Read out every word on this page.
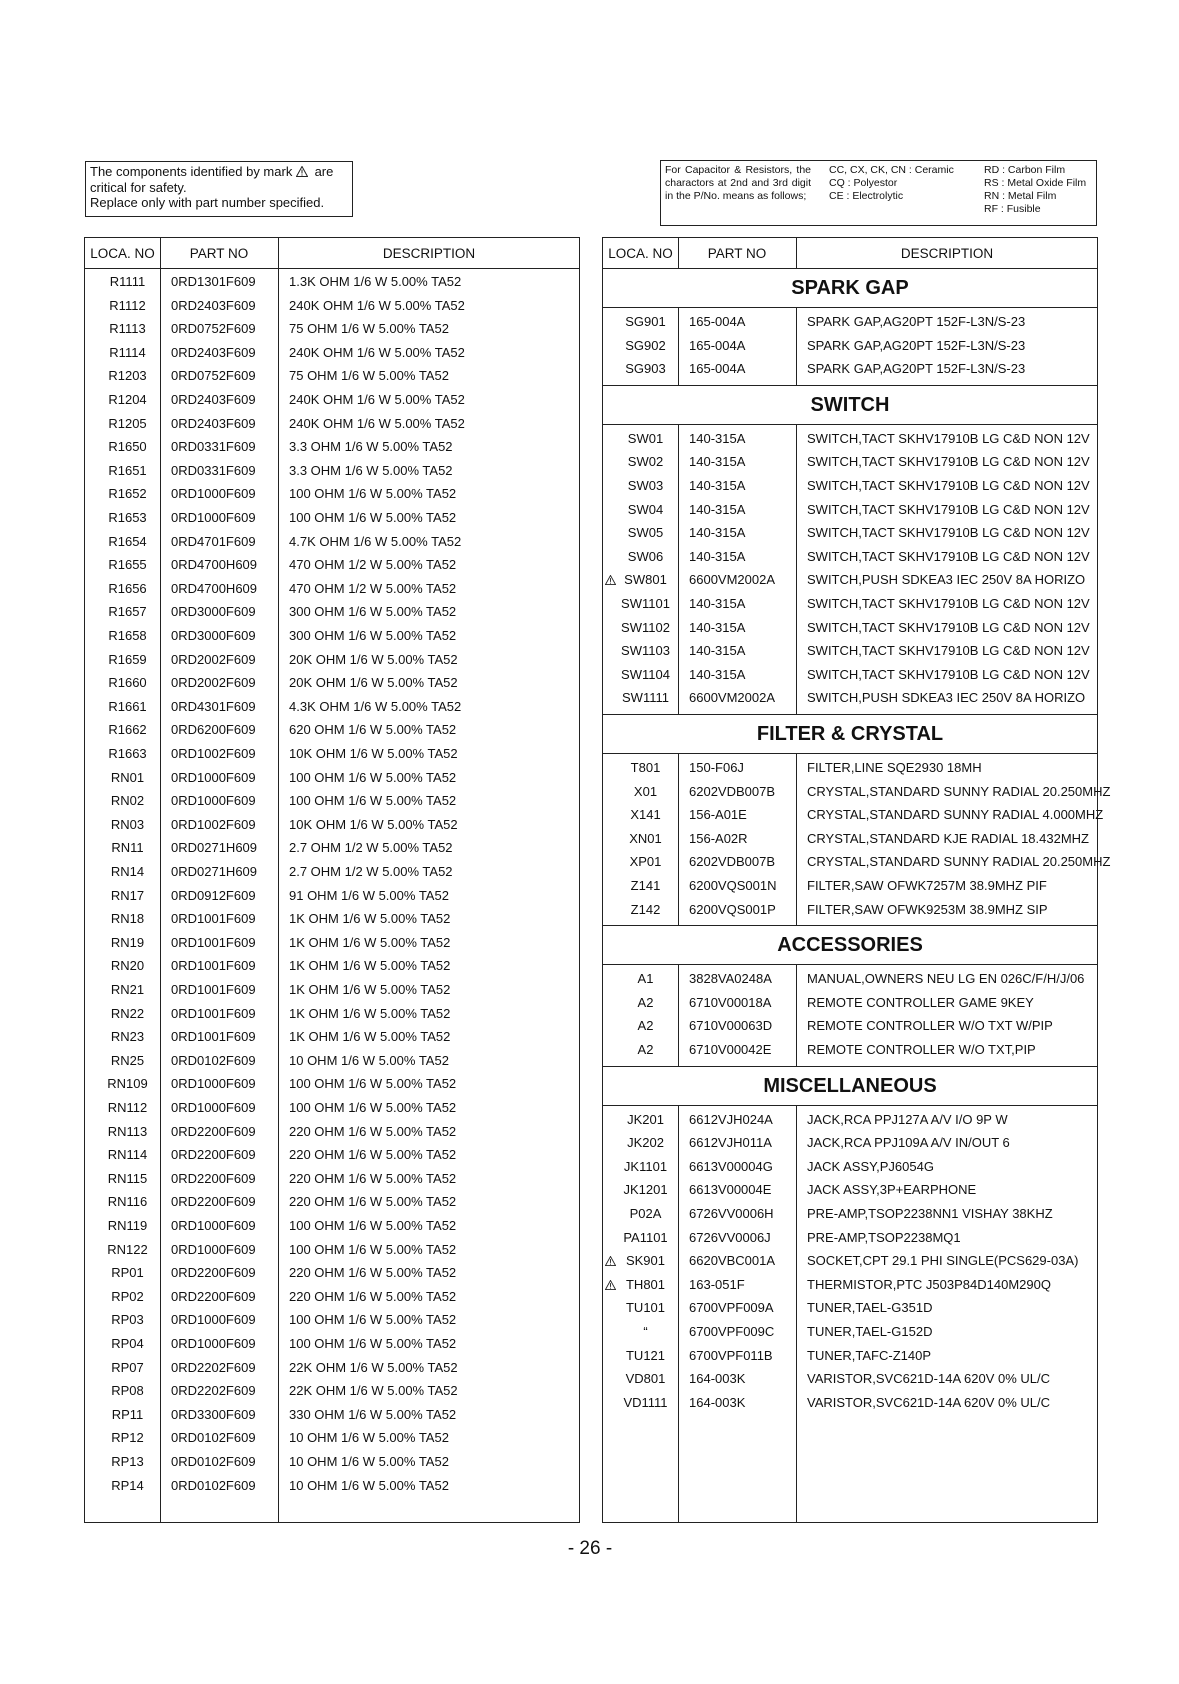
The components identified by mark are
critical for safety.
Replace only with part number specified.
For Capacitor & Resistors, the charactors at 2nd and 3rd digit in the P/No. means as follows;
CC, CX, CK, CN : Ceramic
CQ : Polyestor
CE : Electrolytic
RD : Carbon Film
RS : Metal Oxide Film
RN : Metal Film
RF : Fusible
LOCA. NO	PART NO	DESCRIPTION
R1111	0RD1301F609	1.3K OHM 1/6 W 5.00% TA52
R1112	0RD2403F609	240K OHM 1/6 W 5.00% TA52
R1113	0RD0752F609	75 OHM 1/6 W 5.00% TA52
R1114	0RD2403F609	240K OHM 1/6 W 5.00% TA52
R1203	0RD0752F609	75 OHM 1/6 W 5.00% TA52
R1204	0RD2403F609	240K OHM 1/6 W 5.00% TA52
R1205	0RD2403F609	240K OHM 1/6 W 5.00% TA52
R1650	0RD0331F609	3.3 OHM 1/6 W 5.00% TA52
R1651	0RD0331F609	3.3 OHM 1/6 W 5.00% TA52
R1652	0RD1000F609	100 OHM 1/6 W 5.00% TA52
R1653	0RD1000F609	100 OHM 1/6 W 5.00% TA52
R1654	0RD4701F609	4.7K OHM 1/6 W 5.00% TA52
R1655	0RD4700H609 470 OHM 1/2 W 5.00% TA52
R1656	0RD4700H609 470 OHM 1/2 W 5.00% TA52
R1657	0RD3000F609	300 OHM 1/6 W 5.00% TA52
R1658	0RD3000F609	300 OHM 1/6 W 5.00% TA52
R1659	0RD2002F609	20K OHM 1/6 W 5.00% TA52
R1660	0RD2002F609	20K OHM 1/6 W 5.00% TA52
R1661	0RD4301F609	4.3K OHM 1/6 W 5.00% TA52
R1662	0RD6200F609	620 OHM 1/6 W 5.00% TA52
R1663	0RD1002F609	10K OHM 1/6 W 5.00% TA52
RN01	0RD1000F609	100 OHM 1/6 W 5.00% TA52
RN02	0RD1000F609	100 OHM 1/6 W 5.00% TA52
RN03	0RD1002F609	10K OHM 1/6 W 5.00% TA52
RN11	0RD0271H609 2.7 OHM 1/2 W 5.00% TA52
RN14	0RD0271H609 2.7 OHM 1/2 W 5.00% TA52
RN17	0RD0912F609	91 OHM 1/6 W 5.00% TA52
RN18	0RD1001F609	1K OHM 1/6 W 5.00% TA52
RN19	0RD1001F609	1K OHM 1/6 W 5.00% TA52
RN20	0RD1001F609	1K OHM 1/6 W 5.00% TA52
RN21	0RD1001F609	1K OHM 1/6 W 5.00% TA52
RN22	0RD1001F609	1K OHM 1/6 W 5.00% TA52
RN23	0RD1001F609	1K OHM 1/6 W 5.00% TA52
RN25	0RD0102F609	10 OHM 1/6 W 5.00% TA52
RN109	0RD1000F609	100 OHM 1/6 W 5.00% TA52
RN112	0RD1000F609	100 OHM 1/6 W 5.00% TA52
RN113	0RD2200F609	220 OHM 1/6 W 5.00% TA52
RN114	0RD2200F609	220 OHM 1/6 W 5.00% TA52
RN115	0RD2200F609	220 OHM 1/6 W 5.00% TA52
RN116	0RD2200F609	220 OHM 1/6 W 5.00% TA52
RN119	0RD1000F609	100 OHM 1/6 W 5.00% TA52
RN122	0RD1000F609	100 OHM 1/6 W 5.00% TA52
RP01	0RD2200F609	220 OHM 1/6 W 5.00% TA52
RP02	0RD2200F609	220 OHM 1/6 W 5.00% TA52
RP03	0RD1000F609	100 OHM 1/6 W 5.00% TA52
RP04	0RD1000F609	100 OHM 1/6 W 5.00% TA52
RP07	0RD2202F609	22K OHM 1/6 W 5.00% TA52
RP08	0RD2202F609	22K OHM 1/6 W 5.00% TA52
RP11	0RD3300F609	330 OHM 1/6 W 5.00% TA52
RP12	0RD0102F609	10 OHM 1/6 W 5.00% TA52
RP13	0RD0102F609	10 OHM 1/6 W 5.00% TA52
RP14	0RD0102F609	10 OHM 1/6 W 5.00% TA52
LOCA. NO	PART NO	DESCRIPTION
SPARK GAP
SG901	165-004A	SPARK GAP,AG20PT 152F-L3N/S-23
SG902	165-004A	SPARK GAP,AG20PT 152F-L3N/S-23
SG903	165-004A	SPARK GAP,AG20PT 152F-L3N/S-23
SWITCH
SW01	140-315A	SWITCH,TACT SKHV17910B LG C&D NON 12V
SW02	140-315A	SWITCH,TACT SKHV17910B LG C&D NON 12V
SW03	140-315A	SWITCH,TACT SKHV17910B LG C&D NON 12V
SW04	140-315A	SWITCH,TACT SKHV17910B LG C&D NON 12V
SW05	140-315A	SWITCH,TACT SKHV17910B LG C&D NON 12V
SW06	140-315A	SWITCH,TACT SKHV17910B LG C&D NON 12V
SW801	6600VM2002A SWITCH,PUSH SDKEA3 IEC 250V 8A HORIZO
SW1101	140-315A	SWITCH,TACT SKHV17910B LG C&D NON 12V
SW1102	140-315A	SWITCH,TACT SKHV17910B LG C&D NON 12V
SW1103	140-315A	SWITCH,TACT SKHV17910B LG C&D NON 12V
SW1104	140-315A	SWITCH,TACT SKHV17910B LG C&D NON 12V
SW1111	6600VM2002A SWITCH,PUSH SDKEA3 IEC 250V 8A HORIZO
FILTER & CRYSTAL
T801	150-F06J	FILTER,LINE SQE2930 18MH
X01	6202VDB007B CRYSTAL,STANDARD SUNNY RADIAL 20.250MHZ
X141	156-A01E	CRYSTAL,STANDARD SUNNY RADIAL 4.000MHZ
XN01	156-A02R	CRYSTAL,STANDARD KJE RADIAL 18.432MHZ
XP01	6202VDB007B CRYSTAL,STANDARD SUNNY RADIAL 20.250MHZ
Z141	6200VQS001N FILTER,SAW OFWK7257M 38.9MHZ PIF
Z142	6200VQS001P FILTER,SAW OFWK9253M 38.9MHZ SIP
ACCESSORIES
A1	3828VA0248A	MANUAL,OWNERS NEU LG EN 026C/F/H/J/06
A2	6710V00018A	REMOTE CONTROLLER GAME 9KEY
A2	6710V00063D	REMOTE CONTROLLER W/O TXT W/PIP
A2	6710V00042E	REMOTE CONTROLLER W/O TXT,PIP
MISCELLANEOUS
JK201	6612VJH024A	JACK,RCA PPJ127A A/V I/O 9P W
JK202	6612VJH011A	JACK,RCA PPJ109A A/V IN/OUT 6
JK1101	6613V00004G	JACK ASSY,PJ6054G
JK1201	6613V00004E	JACK ASSY,3P+EARPHONE
P02A	6726VV0006H	PRE-AMP,TSOP2238NN1 VISHAY 38KHZ
PA1101	6726VV0006J	PRE-AMP,TSOP2238MQ1
SK901	6620VBC001A SOCKET,CPT 29.1 PHI SINGLE(PCS629-03A)
TH801	163-051F	THERMISTOR,PTC J503P84D140M290Q
TU101	6700VPF009A	TUNER,TAEL-G351D
“	6700VPF009C	TUNER,TAEL-G152D
TU121	6700VPF011B	TUNER,TAFC-Z140P
VD801	164-003K	VARISTOR,SVC621D-14A 620V 0% UL/C
VD1111	164-003K	VARISTOR,SVC621D-14A 620V 0% UL/C
- 26 -
